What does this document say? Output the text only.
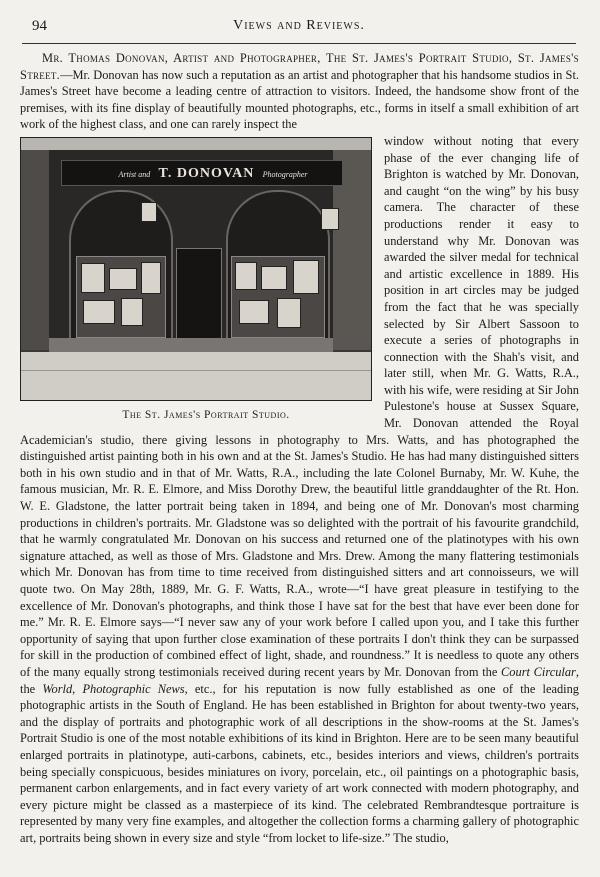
94	Views and Reviews.

Mr. Thomas Donovan, Artist and Photographer, The St. James's Portrait Studio, St. James's Street.—Mr. Donovan has now such a reputation as an artist and photographer that his handsome studios in St. James's Street have become a leading centre of attraction to visitors. Indeed, the handsome show front of the premises, with its fine display of beautifully mounted photographs, etc., forms in itself a small exhibition of art work of the highest class, and one can rarely inspect the

Artist and T. DONOVAN Photographer
The St. James's Portrait Studio.
window without noting that every phase of the ever changing life of Brighton is watched by Mr. Donovan, and caught “on the wing” by his busy camera. The character of these productions render it easy to understand why Mr. Donovan was awarded the silver medal for technical and artistic excellence in 1889. His position in art circles may be judged from the fact that he was specially selected by Sir Albert Sassoon to execute a series of photographs in connection with the Shah's visit, and later still, when Mr. G. Watts, R.A., with his wife, were residing at Sir John Pulestone's house at Sussex Square, Mr. Donovan attended the Royal Academician's studio, there giving lessons in photography to Mrs. Watts, and has photographed the distinguished artist painting both in his own and at the St. James's Studio. He has had many distinguished sitters both in his own studio and in that of Mr. Watts, R.A., including the late Colonel Burnaby, Mr. W. Kuhe, the famous musician, Mr. R. E. Elmore, and Miss Dorothy Drew, the beautiful little granddaughter of the Rt. Hon. W. E. Gladstone, the latter portrait being taken in 1894, and being one of Mr. Donovan's most charming productions in children's portraits. Mr. Gladstone was so delighted with the portrait of his favourite grandchild, that he warmly congratulated Mr. Donovan on his success and returned one of the platinotypes with his own signature attached, as well as those of Mrs. Gladstone and Mrs. Drew. Among the many flattering testimonials which Mr. Donovan has from time to time received from distinguished sitters and art connoisseurs, we will quote two. On May 28th, 1889, Mr. G. F. Watts, R.A., wrote—“I have great pleasure in testifying to the excellence of Mr. Donovan's photographs, and think those I have sat for the best that have ever been done for me.” Mr. R. E. Elmore says—“I never saw any of your work before I called upon you, and I take this further opportunity of saying that upon further close examination of these portraits I don't think they can be surpassed for skill in the production of combined effect of light, shade, and roundness.” It is needless to quote any others of the many equally strong testimonials received during recent years by Mr. Donovan from the Court Circular, the World, Photographic News, etc., for his reputation is now fully established as one of the leading photographic artists in the South of England. He has been established in Brighton for about twenty-two years, and the display of portraits and photographic work of all descriptions in the show-rooms at the St. James's Portrait Studio is one of the most notable exhibitions of its kind in Brighton. Here are to be seen many beautiful enlarged portraits in platinotype, auti-carbons, cabinets, etc., besides interiors and views, children's portraits being specially conspicuous, besides miniatures on ivory, porcelain, etc., oil paintings on a photographic basis, permanent carbon enlargements, and in fact every variety of art work connected with modern photography, and every picture might be classed as a masterpiece of its kind. The celebrated Rembrandtesque portraiture is represented by many very fine examples, and altogether the collection forms a charming gallery of photographic art, portraits being shown in every size and style “from locket to life-size.” The studio,
